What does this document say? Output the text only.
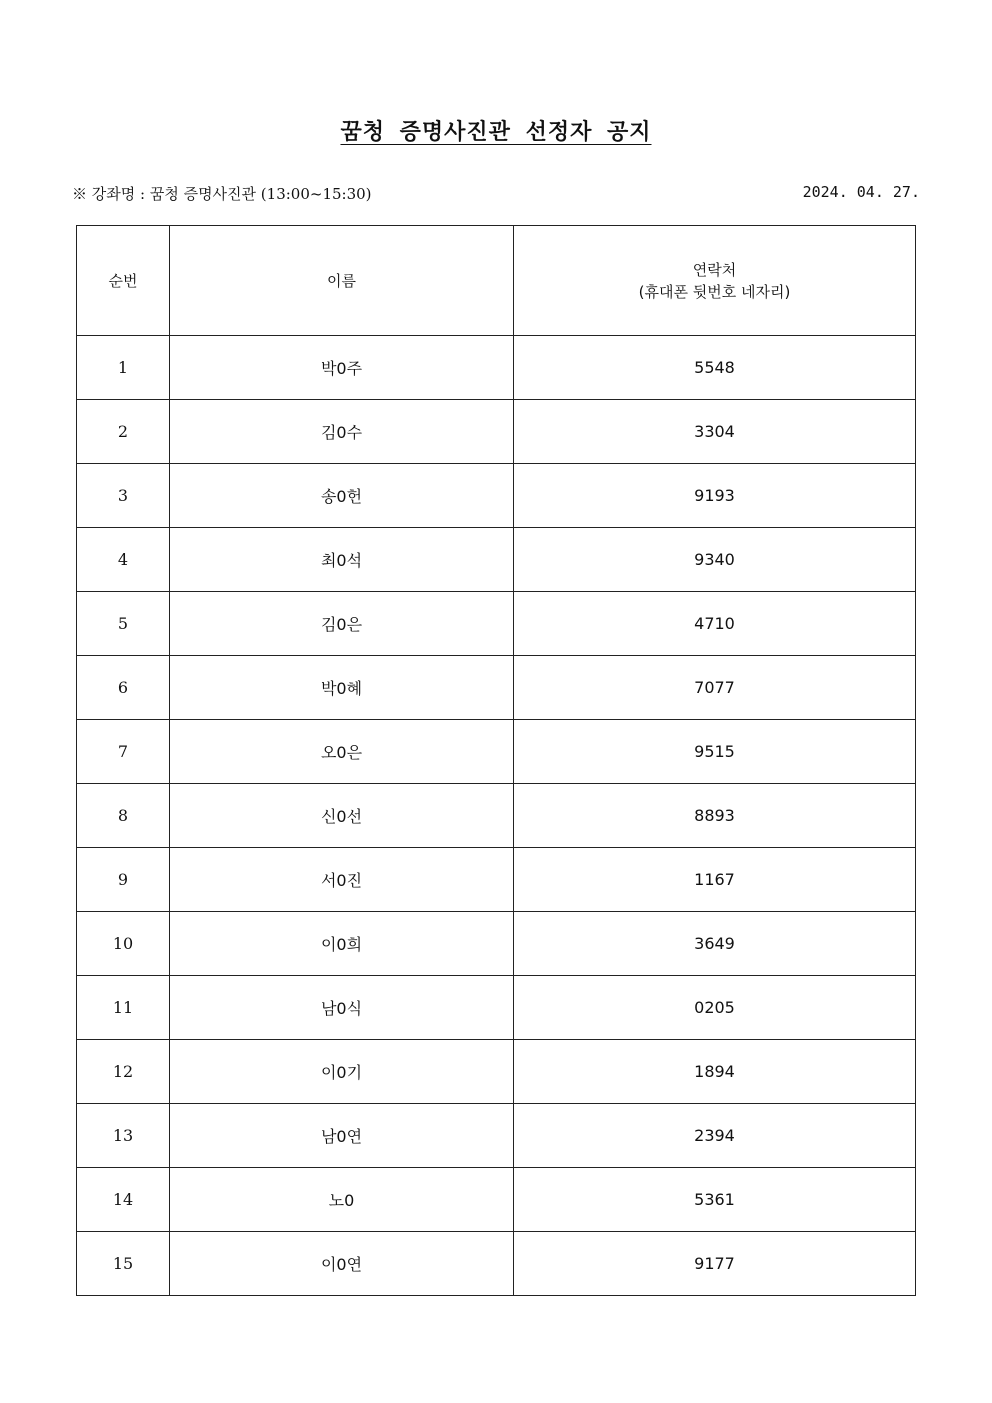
꿈청 증명사진관 선정자 공지
※ 강좌명 : 꿈청 증명사진관 (13:00~15:30)	2024. 04. 27.
순번	이름	연락처
(휴대폰 뒷번호 네자리)

1	박0주	5548
2	김0수	3304
3	송0헌	9193
4	최0석	9340
5	김0은	4710
6	박0혜	7077
7	오0은	9515
8	신0선	8893
9	서0진	1167
10	이0희	3649
11	남0식	0205
12	이0기	1894
13	남0연	2394
14	노0	5361
15	이0연	9177
